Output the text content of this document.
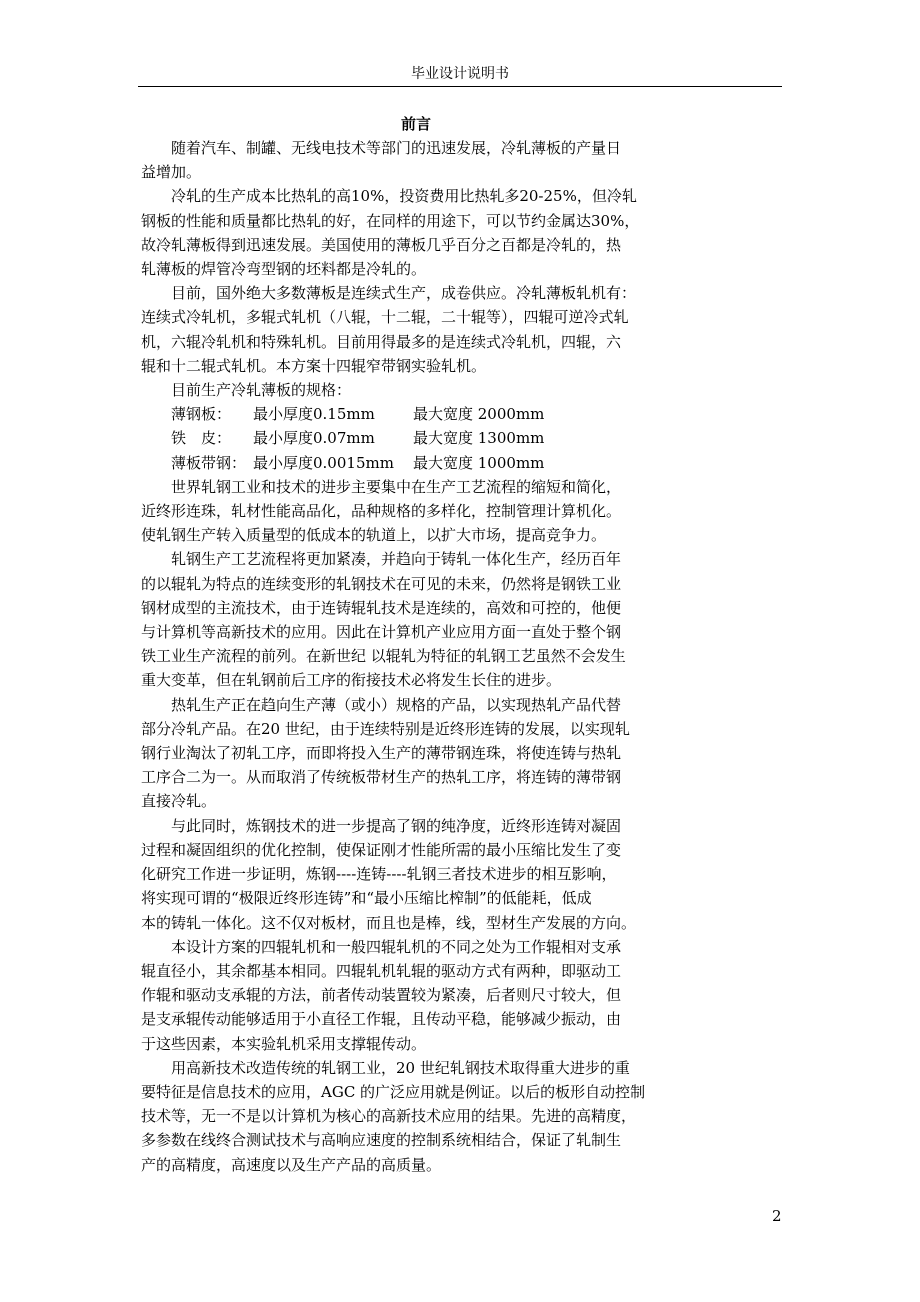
毕业设计说明书
前言
随着汽车、制罐、无线电技术等部门的迅速发展，冷轧薄板的产量日
益增加。
冷轧的生产成本比热轧的高10%，投资费用比热轧多20-25%，但冷轧
钢板的性能和质量都比热轧的好，在同样的用途下，可以节约金属达30%，
故冷轧薄板得到迅速发展。美国使用的薄板几乎百分之百都是冷轧的，热
轧薄板的焊管冷弯型钢的坯料都是冷轧的。
目前，国外绝大多数薄板是连续式生产，成卷供应。冷轧薄板轧机有：
连续式冷轧机，多辊式轧机（八辊，十二辊，二十辊等），四辊可逆冷式轧
机，六辊冷轧机和特殊轧机。目前用得最多的是连续式冷轧机，四辊，六
辊和十二辊式轧机。本方案十四辊窄带钢实验轧机。
目前生产冷轧薄板的规格：
薄钢板： 最小厚度0.15mm	最大宽度 2000mm
铁　皮： 最小厚度0.07mm	最大宽度 1300mm
薄板带钢： 最小厚度0.0015mm 最大宽度 1000mm
世界轧钢工业和技术的进步主要集中在生产工艺流程的缩短和简化，
近终形连珠，轧材性能高品化，品种规格的多样化，控制管理计算机化。
使轧钢生产转入质量型的低成本的轨道上，以扩大市场，提高竞争力。
轧钢生产工艺流程将更加紧凑，并趋向于铸轧一体化生产，经历百年
的以辊轧为特点的连续变形的轧钢技术在可见的未来，仍然将是钢铁工业
钢材成型的主流技术，由于连铸辊轧技术是连续的，高效和可控的，他便
与计算机等高新技术的应用。因此在计算机产业应用方面一直处于整个钢
铁工业生产流程的前列。在新世纪 以辊轧为特征的轧钢工艺虽然不会发生
重大变革，但在轧钢前后工序的衔接技术必将发生长住的进步。
热轧生产正在趋向生产薄（或小）规格的产品，以实现热轧产品代替
部分冷轧产品。在20 世纪，由于连续特别是近终形连铸的发展，以实现轧
钢行业淘汰了初轧工序，而即将投入生产的薄带钢连珠，将使连铸与热轧
工序合二为一。从而取消了传统板带材生产的热轧工序，将连铸的薄带钢
直接冷轧。
与此同时，炼钢技术的进一步提高了钢的纯净度，近终形连铸对凝固
过程和凝固组织的优化控制，使保证刚才性能所需的最小压缩比发生了变
化研究工作进一步证明，炼钢----连铸----轧钢三者技术进步的相互影响，
将实现可谓的“极限近终形连铸”和“最小压缩比榨制”的低能耗，低成
本的铸轧一体化。这不仅对板材，而且也是棒，线，型材生产发展的方向。
本设计方案的四辊轧机和一般四辊轧机的不同之处为工作辊相对支承
辊直径小，其余都基本相同。四辊轧机轧辊的驱动方式有两种，即驱动工
作辊和驱动支承辊的方法，前者传动装置较为紧凑，后者则尺寸较大，但
是支承辊传动能够适用于小直径工作辊，且传动平稳，能够减少振动，由
于这些因素，本实验轧机采用支撑辊传动。
用高新技术改造传统的轧钢工业，20 世纪轧钢技术取得重大进步的重
要特征是信息技术的应用，AGC 的广泛应用就是例证。以后的板形自动控制
技术等，无一不是以计算机为核心的高新技术应用的结果。先进的高精度，
多参数在线终合测试技术与高响应速度的控制系统相结合，保证了轧制生
产的高精度，高速度以及生产产品的高质量。
2
